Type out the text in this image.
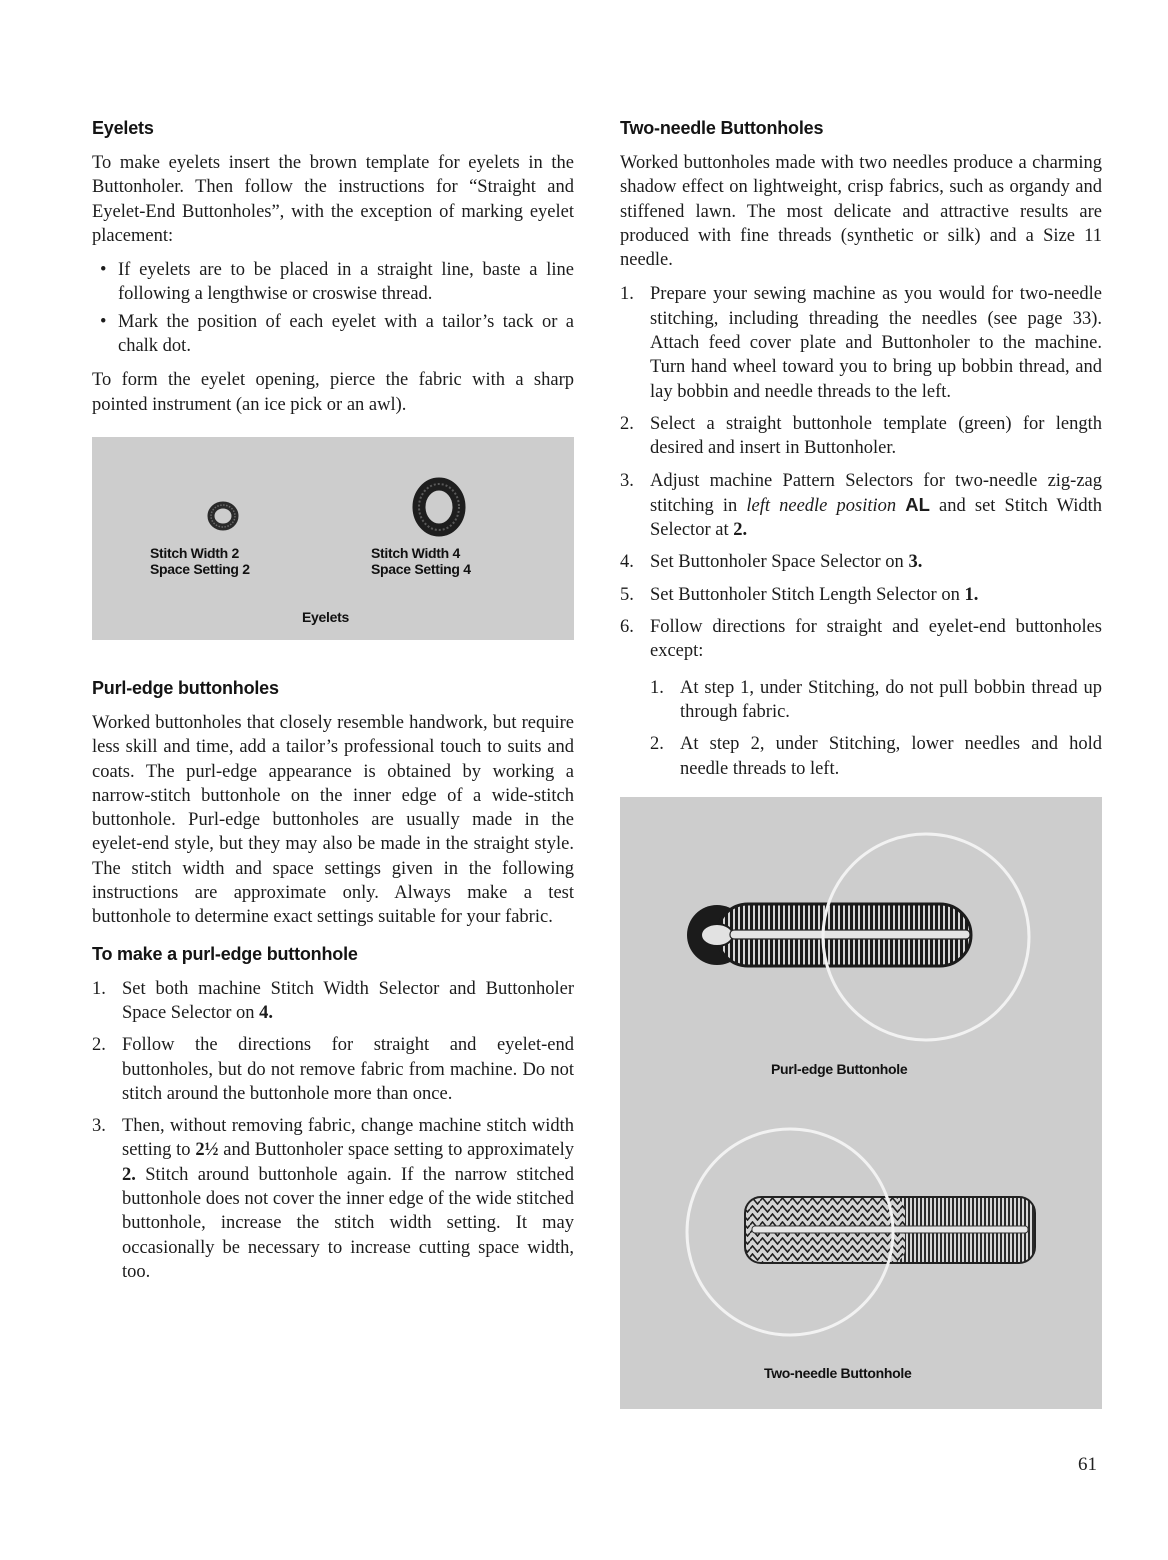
Eyelets

To make eyelets insert the brown template for eyelets in the Buttonholer. Then follow the instructions for “Straight and Eyelet-End Buttonholes”, with the exception of marking eyelet placement:

• If eyelets are to be placed in a straight line, baste a line following a lengthwise or croswise thread.
• Mark the position of each eyelet with a tailor’s tack or a chalk dot.

To form the eyelet opening, pierce the fabric with a sharp pointed instrument (an ice pick or an awl).

Stitch Width 2
Space Setting 2
Stitch Width 4
Space Setting 4
Eyelets
Purl-edge buttonholes

Worked buttonholes that closely resemble handwork, but require less skill and time, add a tailor’s professional touch to suits and coats. The purl-edge appearance is obtained by working a narrow-stitch buttonhole on the inner edge of a wide-stitch buttonhole. Purl-edge buttonholes are usually made in the eyelet-end style, but they may also be made in the straight style. The stitch width and space settings given in the following instructions are approximate only. Always make a test buttonhole to determine exact settings suitable for your fabric.

To make a purl-edge buttonhole
1. Set both machine Stitch Width Selector and Buttonholer Space Selector on 4.
2. Follow the directions for straight and eyelet-end buttonholes, but do not remove fabric from machine. Do not stitch around the buttonhole more than once.
3. Then, without removing fabric, change machine stitch width setting to 2½ and Buttonholer space setting to approximately 2. Stitch around buttonhole again. If the narrow stitched buttonhole does not cover the inner edge of the wide stitched buttonhole, increase the stitch width setting. It may occasionally be necessary to increase cutting space width, too.
Two-needle Buttonholes

Worked buttonholes made with two needles produce a charming shadow effect on lightweight, crisp fabrics, such as organdy and stiffened lawn. The most delicate and attractive results are produced with fine threads (synthetic or silk) and a Size 11 needle.

1. Prepare your sewing machine as you would for two-needle stitching, including threading the needles (see page 33). Attach feed cover plate and Buttonholer to the machine. Turn hand wheel toward you to bring up bobbin thread, and lay bobbin and needle threads to the left.
2. Select a straight buttonhole template (green) for length desired and insert in Buttonholer.
3. Adjust machine Pattern Selectors for two-needle zig-zag stitching in left needle position AL and set Stitch Width Selector at 2.
4. Set Buttonholer Space Selector on 3.
5. Set Buttonholer Stitch Length Selector on 1.
6. Follow directions for straight and eyelet-end buttonholes except:
1. At step 1, under Stitching, do not pull bobbin thread up through fabric.
2. At step 2, under Stitching, lower needles and hold needle threads to left.
Purl-edge Buttonhole
Two-needle Buttonhole
61
